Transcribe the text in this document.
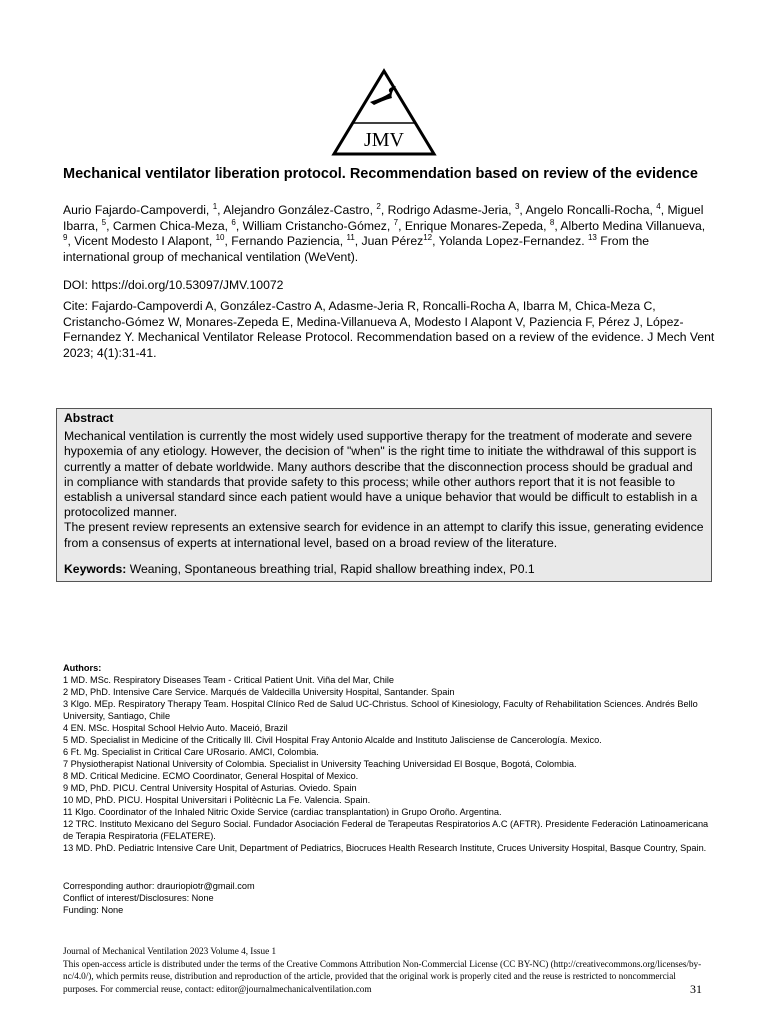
JMV
Mechanical ventilator liberation protocol. Recommendation based on review of the evidence

Aurio Fajardo-Campoverdi, $^1$, Alejandro González-Castro, $^2$, Rodrigo Adasme-Jeria, $^3$, Angelo Roncalli-Rocha, $^4$, Miguel Ibarra, $^5$, Carmen Chica-Meza, $^6$, William Cristancho-Gómez, $^7$, Enrique Monares-Zepeda, $^8$, Alberto Medina Villanueva, $^9$, Vicent Modesto I Alapont, $^{10}$, Fernando Paziencia, $^{11}$, Juan Pérez$^{12}$, Yolanda Lopez-Fernandez. $^{13}$ From the international group of mechanical ventilation (WeVent).

DOI: https://doi.org/10.53097/JMV.10072

Cite: Fajardo-Campoverdi A, González-Castro A, Adasme-Jeria R, Roncalli-Rocha A, Ibarra M, Chica-Meza C, Cristancho-Gómez W, Monares-Zepeda E, Medina-Villanueva A, Modesto I Alapont V, Paziencia F, Pérez J, López-Fernandez Y. Mechanical Ventilator Release Protocol. Recommendation based on a review of the evidence. J Mech Vent 2023; 4(1):31-41.

Abstract

Mechanical ventilation is currently the most widely used supportive therapy for the treatment of moderate and severe hypoxemia of any etiology. However, the decision of "when" is the right time to initiate the withdrawal of this support is currently a matter of debate worldwide. Many authors describe that the disconnection process should be gradual and in compliance with standards that provide safety to this process; while other authors report that it is not feasible to establish a universal standard since each patient would have a unique behavior that would be difficult to establish in a protocolized manner.

The present review represents an extensive search for evidence in an attempt to clarify this issue, generating evidence from a consensus of experts at international level, based on a broad review of the literature.

Keywords: Weaning, Spontaneous breathing trial, Rapid shallow breathing index, P0.1

Authors:

1 MD. MSc. Respiratory Diseases Team - Critical Patient Unit. Viña del Mar, Chile

2 MD, PhD. Intensive Care Service. Marqués de Valdecilla University Hospital, Santander. Spain

3 Klgo. MEp. Respiratory Therapy Team. Hospital Clínico Red de Salud UC-Christus. School of Kinesiology, Faculty of Rehabilitation Sciences. Andrés Bello University, Santiago, Chile

4 EN. MSc. Hospital School Helvio Auto. Maceió, Brazil

5 MD. Specialist in Medicine of the Critically Ill. Civil Hospital Fray Antonio Alcalde and Instituto Jalisciense de Cancerología. Mexico.

6 Ft. Mg. Specialist in Critical Care URosario. AMCI, Colombia.

7 Physiotherapist National University of Colombia. Specialist in University Teaching Universidad El Bosque, Bogotá, Colombia.

8 MD. Critical Medicine. ECMO Coordinator, General Hospital of Mexico.

9 MD, PhD. PICU. Central University Hospital of Asturias. Oviedo. Spain

10 MD, PhD. PICU. Hospital Universitari i Politècnic La Fe. Valencia. Spain.

11 Klgo. Coordinator of the Inhaled Nitric Oxide Service (cardiac transplantation) in Grupo Oroño. Argentina.

12 TRC. Instituto Mexicano del Seguro Social. Fundador Asociación Federal de Terapeutas Respiratorios A.C (AFTR). Presidente Federación Latinoamericana de Terapia Respiratoria (FELATERE).

13 MD. PhD. Pediatric Intensive Care Unit, Department of Pediatrics, Biocruces Health Research Institute, Cruces University Hospital, Basque Country, Spain.

Corresponding author: drauriopiotr@gmail.com

Conflict of interest/Disclosures: None

Funding: None

Journal of Mechanical Ventilation 2023 Volume 4, Issue 1

This open-access article is distributed under the terms of the Creative Commons Attribution Non-Commercial License (CC BY-NC) (http://creativecommons.org/licenses/by-nc/4.0/), which permits reuse, distribution and reproduction of the article, provided that the original work is properly cited and the reuse is restricted to noncommercial purposes. For commercial reuse, contact: editor@journalmechanicalventilation.com	31
